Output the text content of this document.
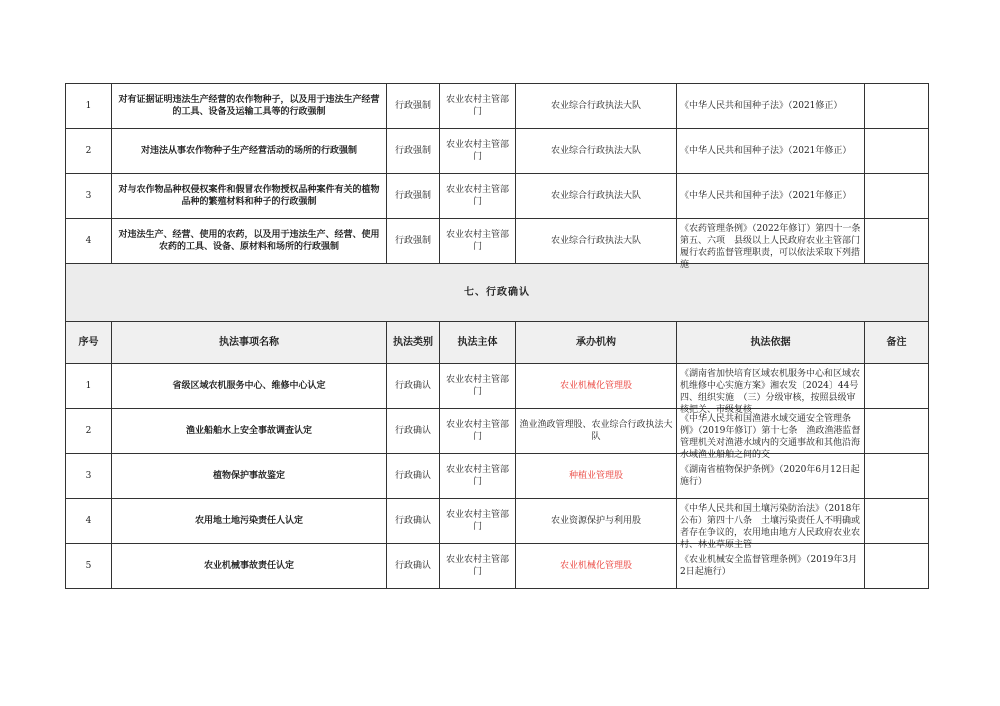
1	对有证据证明违法生产经营的农作物种子，以及用于违法生产经营的工具、设备及运输工具等的行政强制	行政强制	农业农村主管部门	农业综合行政执法大队	《中华人民共和国种子法》（2021修正）	

2	对违法从事农作物种子生产经营活动的场所的行政强制	行政强制	农业农村主管部门	农业综合行政执法大队	《中华人民共和国种子法》（2021年修正）	

3	对与农作物品种权侵权案件和假冒农作物授权品种案件有关的植物品种的繁殖材料和种子的行政强制	行政强制	农业农村主管部门	农业综合行政执法大队	《中华人民共和国种子法》（2021年修正）	

4	对违法生产、经营、使用的农药，以及用于违法生产、经营、使用农药的工具、设备、原材料和场所的行政强制	行政强制	农业农村主管部门	农业综合行政执法大队	《农药管理条例》（2022年修订）第四十一条第五、六项　县级以上人民政府农业主管部门履行农药监督管理职责，可以依法采取下列措施	

七、行政确认						
序号	执法事项名称	执法类别	执法主体	承办机构	执法依据	备注
1	省级区域农机服务中心、维修中心认定	行政确认	农业农村主管部门	农业机械化管理股	《湖南省加快培育区域农机服务中心和区域农机维修中心实施方案》湘农发〔2024〕44号　四、组织实施　（三）分级审核，按照县级审核把关、市级复核	

2	渔业船舶水上安全事故调查认定	行政确认	农业农村主管部门	渔业渔政管理股、农业综合行政执法大队	《中华人民共和国渔港水域交通安全管理条例》（2019年修订）第十七条　渔政渔港监督管理机关对渔港水域内的交通事故和其他沿海水域渔业船舶之间的交	

3	植物保护事故鉴定	行政确认	农业农村主管部门	种植业管理股	《湖南省植物保护条例》（2020年6月12日起施行）	

4	农用地土地污染责任人认定	行政确认	农业农村主管部门	农业资源保护与利用股	《中华人民共和国土壤污染防治法》（2018年公布）第四十八条　土壤污染责任人不明确或者存在争议的，农用地由地方人民政府农业农村、林业草原主管	

5	农业机械事故责任认定	行政确认	农业农村主管部门	农业机械化管理股	《农业机械安全监督管理条例》（2019年3月2日起施行）	
